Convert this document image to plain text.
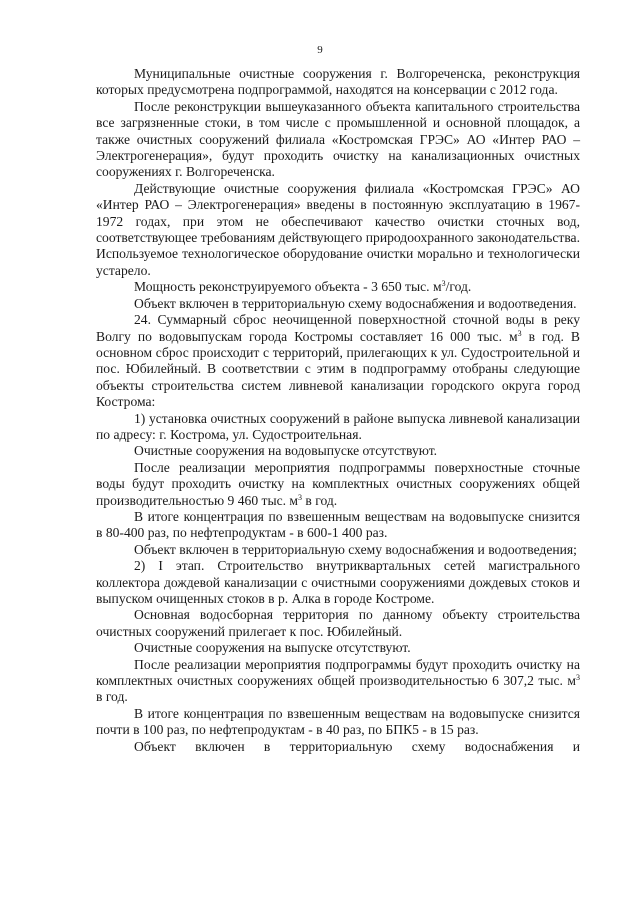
9

Муниципальные очистные сооружения г. Волгореченска, реконструкция которых предусмотрена подпрограммой, находятся на консервации с 2012 года.

После реконструкции вышеуказанного объекта капитального строительства все загрязненные стоки, в том числе с промышленной и основной площадок, а также очистных сооружений филиала «Костромская ГРЭС» АО «Интер РАО – Электрогенерация», будут проходить очистку на канализационных очистных сооружениях г. Волгореченска.

Действующие очистные сооружения филиала «Костромская ГРЭС» АО «Интер РАО – Электрогенерация» введены в постоянную эксплуатацию в 1967-1972 годах, при этом не обеспечивают качество очистки сточных вод, соответствующее требованиям действующего природоохранного законодательства. Используемое технологическое оборудование очистки морально и технологически устарело.

Мощность реконструируемого объекта - 3 650 тыс. $м^3$/год.

Объект включен в территориальную схему водоснабжения и водоотведения.

24. Суммарный сброс неочищенной поверхностной сточной воды в реку Волгу по водовыпускам города Костромы составляет 16 000 тыс. $м^3$ в год. В основном сброс происходит с территорий, прилегающих к ул. Судостроительной и пос. Юбилейный. В соответствии с этим в подпрограмму отобраны следующие объекты строительства систем ливневой канализации городского округа город Кострома:

1) установка очистных сооружений в районе выпуска ливневой канализации по адресу: г. Кострома, ул. Судостроительная.

Очистные сооружения на водовыпуске отсутствуют.

После реализации мероприятия подпрограммы поверхностные сточные воды будут проходить очистку на комплектных очистных сооружениях общей производительностью 9 460 тыс. $м^3$ в год.

В итоге концентрация по взвешенным веществам на водовыпуске снизится в 80-400 раз, по нефтепродуктам - в 600-1 400 раз.

Объект включен в территориальную схему водоснабжения и водоотведения;

2) I этап. Строительство внутриквартальных сетей магистрального коллектора дождевой канализации с очистными сооружениями дождевых стоков и выпуском очищенных стоков в р. Алка в городе Костроме.

Основная водосборная территория по данному объекту строительства очистных сооружений прилегает к пос. Юбилейный.

Очистные сооружения на выпуске отсутствуют.

После реализации мероприятия подпрограммы будут проходить очистку на комплектных очистных сооружениях общей производительностью 6 307,2 тыс. $м^3$ в год.

В итоге концентрация по взвешенным веществам на водовыпуске снизится почти в 100 раз, по нефтепродуктам - в 40 раз, по БПК5 - в 15 раз.

Объект включен в территориальную схему водоснабжения и
